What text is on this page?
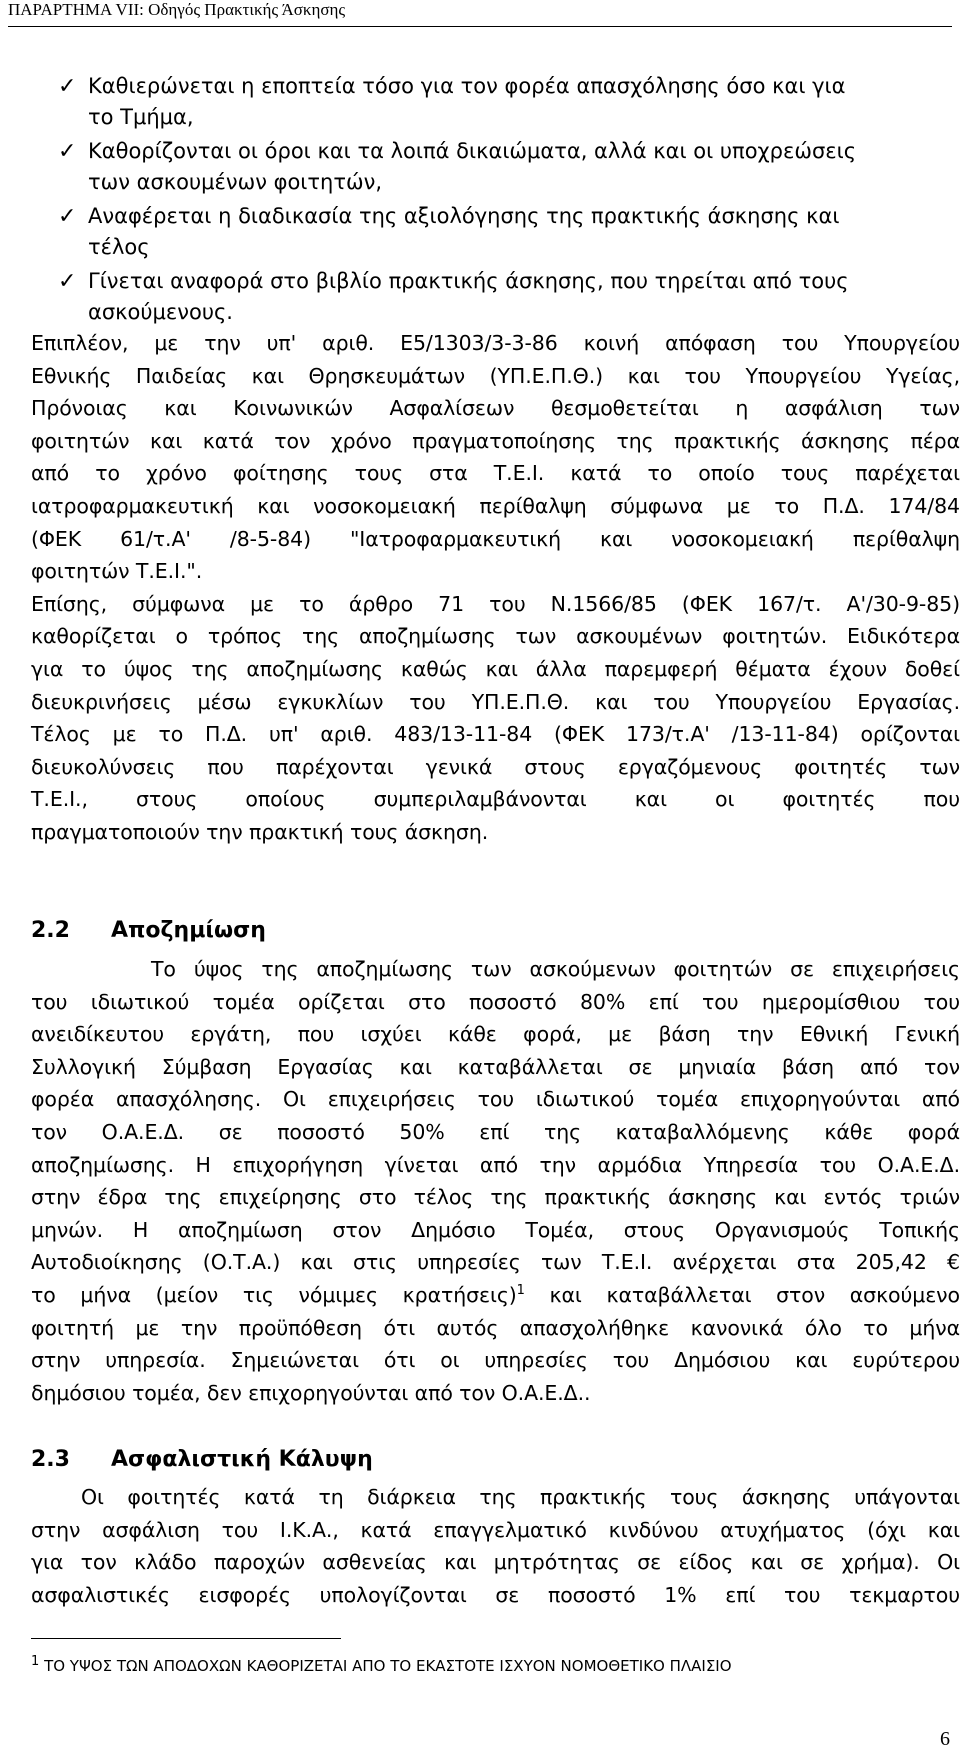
ΠΑΡΑΡΤΗΜΑ VII: Οδηγός Πρακτικής Άσκησης
✓ Καθιερώνεται η εποπτεία τόσο για τον φορέα απασχόλησης όσο και για
το Τμήμα,
✓ Καθορίζονται οι όροι και τα λοιπά δικαιώματα, αλλά και οι υποχρεώσεις
των ασκουμένων φοιτητών,
✓ Αναφέρεται η διαδικασία της αξιολόγησης της πρακτικής άσκησης και
τέλος
✓ Γίνεται αναφορά στο βιβλίο πρακτικής άσκησης, που τηρείται από τους
ασκούμενους.
Επιπλέον, με την υπ' αριθ. Ε5/1303/3-3-86 κοινή απόφαση του Υπουργείου
Εθνικής Παιδείας και Θρησκευμάτων (ΥΠ.Ε.Π.Θ.) και του Υπουργείου Υγείας,
Πρόνοιας και Κοινωνικών Ασφαλίσεων θεσμοθετείται η ασφάλιση των
φοιτητών και κατά τον χρόνο πραγματοποίησης της πρακτικής άσκησης πέρα
από το χρόνο φοίτησης τους στα Τ.Ε.Ι. κατά το οποίο τους παρέχεται
ιατροφαρμακευτική και νοσοκομειακή περίθαλψη σύμφωνα με το Π.Δ. 174/84
(ΦΕΚ 61/τ.Α' /8-5-84) "Ιατροφαρμακευτική και νοσοκομειακή περίθαλψη
φοιτητών Τ.Ε.Ι.".
Επίσης, σύμφωνα με το άρθρο 71 του Ν.1566/85 (ΦΕΚ 167/τ. Α'/30-9-85)
καθορίζεται ο τρόπος της αποζημίωσης των ασκουμένων φοιτητών. Ειδικότερα
για το ύψος της αποζημίωσης καθώς και άλλα παρεμφερή θέματα έχουν δοθεί
διευκρινήσεις μέσω εγκυκλίων του ΥΠ.Ε.Π.Θ. και του Υπουργείου Εργασίας.
Τέλος με το Π.Δ. υπ' αριθ. 483/13-11-84 (ΦΕΚ 173/τ.Α' /13-11-84) ορίζονται
διευκολύνσεις που παρέχονται γενικά στους εργαζόμενους φοιτητές των
Τ.Ε.Ι., στους οποίους συμπεριλαμβάνονται και οι φοιτητές που
πραγματοποιούν την πρακτική τους άσκηση.
2.2 Αποζημίωση
Το ύψος της αποζημίωσης των ασκούμενων φοιτητών σε επιχειρήσεις
του ιδιωτικού τομέα ορίζεται στο ποσοστό 80% επί του ημερομίσθιου του
ανειδίκευτου εργάτη, που ισχύει κάθε φορά, με βάση την Εθνική Γενική
Συλλογική Σύμβαση Εργασίας και καταβάλλεται σε μηνιαία βάση από τον
φορέα απασχόλησης. Οι επιχειρήσεις του ιδιωτικού τομέα επιχορηγούνται από
τον Ο.Α.Ε.Δ. σε ποσοστό 50% επί της καταβαλλόμενης κάθε φορά
αποζημίωσης. Η επιχορήγηση γίνεται από την αρμόδια Υπηρεσία του Ο.Α.Ε.Δ.
στην έδρα της επιχείρησης στο τέλος της πρακτικής άσκησης και εντός τριών
μηνών. Η αποζημίωση στον Δημόσιο Τομέα, στους Οργανισμούς Τοπικής
Αυτοδιοίκησης (Ο.Τ.Α.) και στις υπηρεσίες των Τ.Ε.Ι. ανέρχεται στα 205,42 €
το μήνα (μείον τις νόμιμες κρατήσεις)$^1$ και καταβάλλεται στον ασκούμενο
φοιτητή με την προϋπόθεση ότι αυτός απασχολήθηκε κανονικά όλο το μήνα
στην υπηρεσία. Σημειώνεται ότι οι υπηρεσίες του Δημόσιου και ευρύτερου
δημόσιου τομέα, δεν επιχορηγούνται από τον Ο.Α.Ε.Δ..
2.3 Ασφαλιστική Κάλυψη
Οι φοιτητές κατά τη διάρκεια της πρακτικής τους άσκησης υπάγονται
στην ασφάλιση του Ι.Κ.Α., κατά επαγγελματικό κινδύνου ατυχήματος (όχι και
για τον κλάδο παροχών ασθενείας και μητρότητας σε είδος και σε χρήμα). Οι
ασφαλιστικές εισφορές υπολογίζονται σε ποσοστό 1% επί του τεκμαρτου
1 ΤΟ ΥΨΟΣ ΤΩΝ ΑΠΟΔΟΧΩΝ ΚΑΘΟΡΙΖΕΤΑΙ ΑΠΟ ΤΟ ΕΚΑΣΤΟΤΕ ΙΣΧΥΟΝ ΝΟΜΟΘΕΤΙΚΟ ΠΛΑΙΣΙΟ
6
